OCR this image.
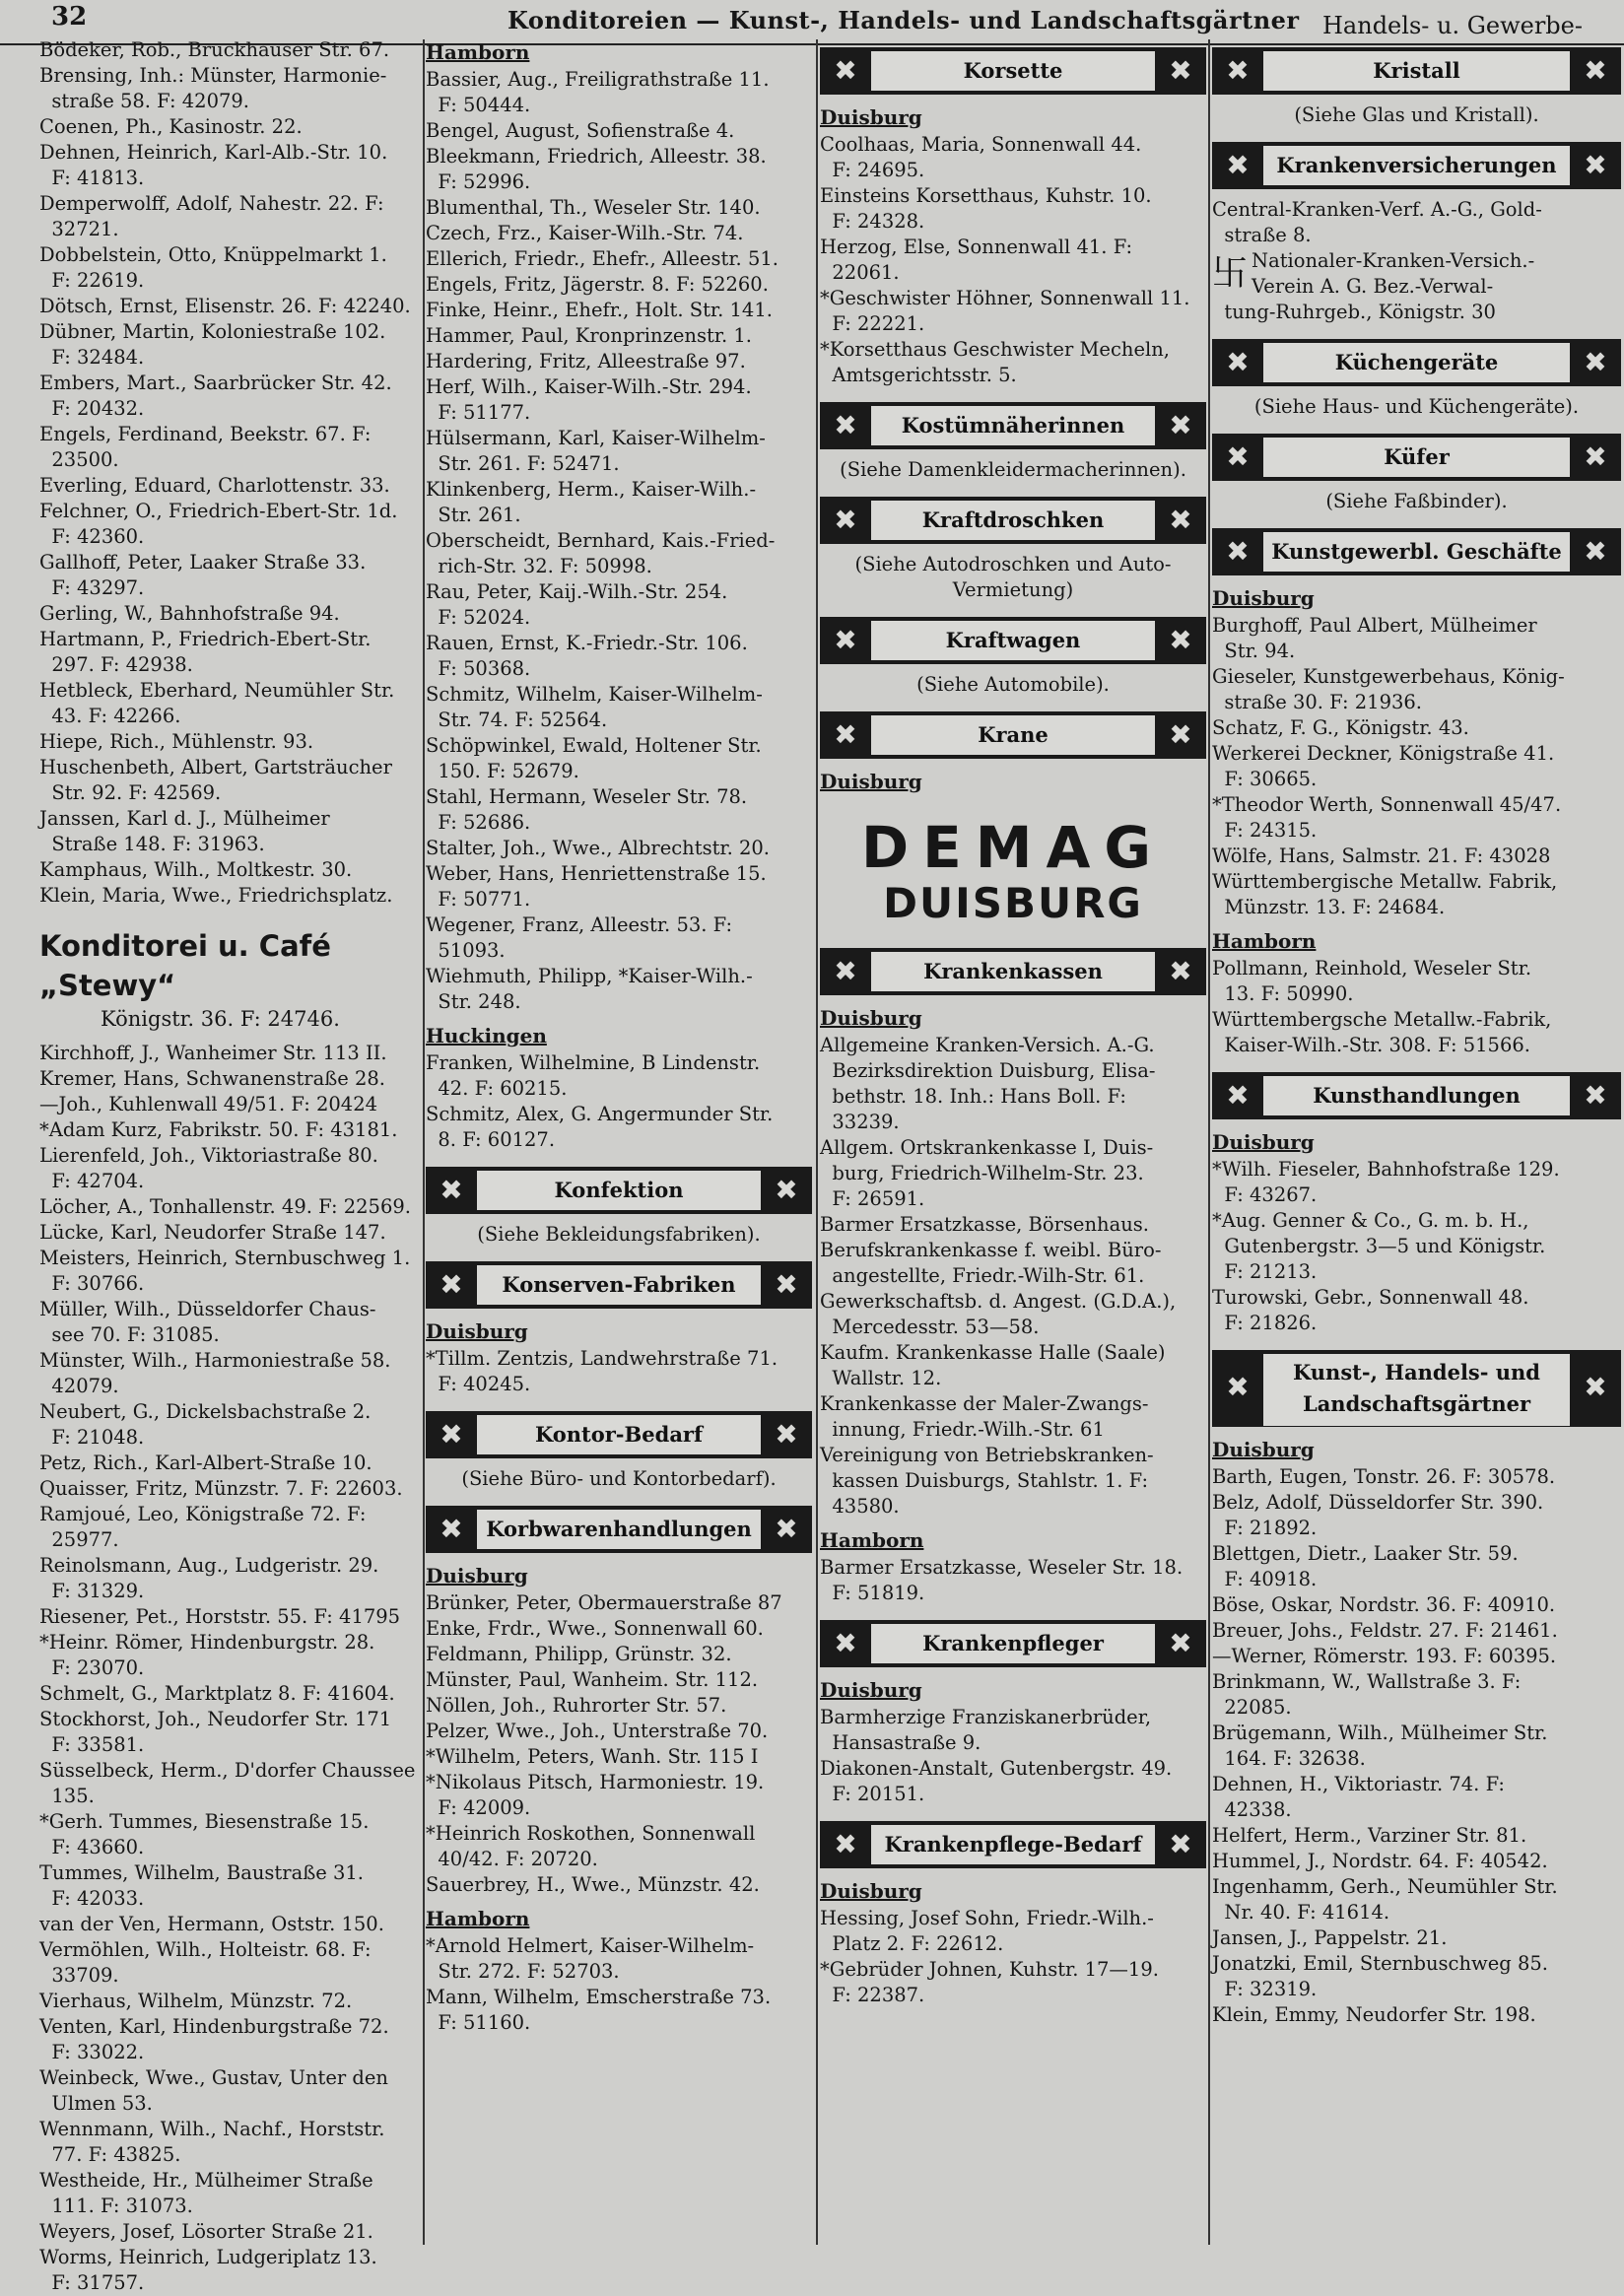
32	Konditoreien — Kunst-, Handels- und Landschaftsgärtner Handels- u. Gewerbe-
Bödeker, Rob., Bruckhauser Str. 67.
Brensing, Inh.: Münster, Harmonie-
straße 58. F: 42079.
Coenen, Ph., Kasinostr. 22.
Dehnen, Heinrich, Karl-Alb.-Str. 10.
F: 41813.
Demperwolff, Adolf, Nahestr. 22. F:
32721.
Dobbelstein, Otto, Knüppelmarkt 1.
F: 22619.
Dötsch, Ernst, Elisenstr. 26. F: 42240.
Dübner, Martin, Koloniestraße 102.
F: 32484.
Embers, Mart., Saarbrücker Str. 42.
F: 20432.
Engels, Ferdinand, Beekstr. 67. F:
23500.
Everling, Eduard, Charlottenstr. 33.
Felchner, O., Friedrich-Ebert-Str. 1d.
F: 42360.
Gallhoff, Peter, Laaker Straße 33.
F: 43297.
Gerling, W., Bahnhofstraße 94.
Hartmann, P., Friedrich-Ebert-Str.
297. F: 42938.
Hetbleck, Eberhard, Neumühler Str.
43. F: 42266.
Hiepe, Rich., Mühlenstr. 93.
Huschenbeth, Albert, Gartsträucher
Str. 92. F: 42569.
Janssen, Karl d. J., Mülheimer
Straße 148. F: 31963.
Kamphaus, Wilh., Moltkestr. 30.
Klein, Maria, Wwe., Friedrichsplatz.
Konditorei u. Café „Stewy“
Königstr. 36. F: 24746.
Kirchhoff, J., Wanheimer Str. 113 II.
Kremer, Hans, Schwanenstraße 28.
—Joh., Kuhlenwall 49/51. F: 20424
*Adam Kurz, Fabrikstr. 50. F: 43181.
Lierenfeld, Joh., Viktoriastraße 80.
F: 42704.
Löcher, A., Tonhallenstr. 49. F: 22569.
Lücke, Karl, Neudorfer Straße 147.
Meisters, Heinrich, Sternbuschweg 1.
F: 30766.
Müller, Wilh., Düsseldorfer Chaus-
see 70. F: 31085.
Münster, Wilh., Harmoniestraße 58.
42079.
Neubert, G., Dickelsbachstraße 2.
F: 21048.
Petz, Rich., Karl-Albert-Straße 10.
Quaisser, Fritz, Münzstr. 7. F: 22603.
Ramjoué, Leo, Königstraße 72. F:
25977.
Reinolsmann, Aug., Ludgeristr. 29.
F: 31329.
Riesener, Pet., Horststr. 55. F: 41795
*Heinr. Römer, Hindenburgstr. 28.
F: 23070.
Schmelt, G., Marktplatz 8. F: 41604.
Stockhorst, Joh., Neudorfer Str. 171
F: 33581.
Süsselbeck, Herm., D'dorfer Chaussee
135.
*Gerh. Tummes, Biesenstraße 15.
F: 43660.
Tummes, Wilhelm, Baustraße 31.
F: 42033.
van der Ven, Hermann, Oststr. 150.
Vermöhlen, Wilh., Holteistr. 68. F:
33709.
Vierhaus, Wilhelm, Münzstr. 72.
Venten, Karl, Hindenburgstraße 72.
F: 33022.
Weinbeck, Wwe., Gustav, Unter den
Ulmen 53.
Wennmann, Wilh., Nachf., Horststr.
77. F: 43825.
Westheide, Hr., Mülheimer Straße
111. F: 31073.
Weyers, Josef, Lösorter Straße 21.
Worms, Heinrich, Ludgeriplatz 13.
F: 31757.
Hamborn
Bassier, Aug., Freiligrathstraße 11.
F: 50444.
Bengel, August, Sofienstraße 4.
Bleekmann, Friedrich, Alleestr. 38.
F: 52996.
Blumenthal, Th., Weseler Str. 140.
Czech, Frz., Kaiser-Wilh.-Str. 74.
Ellerich, Friedr., Ehefr., Alleestr. 51.
Engels, Fritz, Jägerstr. 8. F: 52260.
Finke, Heinr., Ehefr., Holt. Str. 141.
Hammer, Paul, Kronprinzenstr. 1.
Hardering, Fritz, Alleestraße 97.
Herf, Wilh., Kaiser-Wilh.-Str. 294.
F: 51177.
Hülsermann, Karl, Kaiser-Wilhelm-
Str. 261. F: 52471.
Klinkenberg, Herm., Kaiser-Wilh.-
Str. 261.
Oberscheidt, Bernhard, Kais.-Fried-
rich-Str. 32. F: 50998.
Rau, Peter, Kaij.-Wilh.-Str. 254.
F: 52024.
Rauen, Ernst, K.-Friedr.-Str. 106.
F: 50368.
Schmitz, Wilhelm, Kaiser-Wilhelm-
Str. 74. F: 52564.
Schöpwinkel, Ewald, Holtener Str.
150. F: 52679.
Stahl, Hermann, Weseler Str. 78.
F: 52686.
Stalter, Joh., Wwe., Albrechtstr. 20.
Weber, Hans, Henriettenstraße 15.
F: 50771.
Wegener, Franz, Alleestr. 53. F:
51093.
Wiehmuth, Philipp, *Kaiser-Wilh.-
Str. 248.
Huckingen
Franken, Wilhelmine, B Lindenstr.
42. F: 60215.
Schmitz, Alex, G. Angermunder Str.
8. F: 60127.
✖	Konfektion	✖
(Siehe Bekleidungsfabriken).
✖	Konserven-Fabriken	✖
Duisburg
*Tillm. Zentzis, Landwehrstraße 71.
F: 40245.
✖	Kontor-Bedarf	✖
(Siehe Büro- und Kontorbedarf).
✖	Korbwarenhandlungen ✖
Duisburg
Brünker, Peter, Obermauerstraße 87
Enke, Frdr., Wwe., Sonnenwall 60.
Feldmann, Philipp, Grünstr. 32.
Münster, Paul, Wanheim. Str. 112.
Nöllen, Joh., Ruhrorter Str. 57.
Pelzer, Wwe., Joh., Unterstraße 70.
*Wilhelm, Peters, Wanh. Str. 115 I
*Nikolaus Pitsch, Harmoniestr. 19.
F: 42009.
*Heinrich Roskothen, Sonnenwall
40/42. F: 20720.
Sauerbrey, H., Wwe., Münzstr. 42.
Hamborn
*Arnold Helmert, Kaiser-Wilhelm-
Str. 272. F: 52703.
Mann, Wilhelm, Emscherstraße 73.
F: 51160.
✖	Korsette	✖
Duisburg
Coolhaas, Maria, Sonnenwall 44.
F: 24695.
Einsteins Korsetthaus, Kuhstr. 10.
F: 24328.
Herzog, Else, Sonnenwall 41. F:
22061.
*Geschwister Höhner, Sonnenwall 11.
F: 22221.
*Korsetthaus Geschwister Mecheln,
Amtsgerichtsstr. 5.
✖	Kostümnäherinnen	✖
(Siehe Damenkleidermacherinnen).
✖	Kraftdroschken	✖
(Siehe Autodroschken und Auto-
Vermietung)
✖	Kraftwagen	✖
(Siehe Automobile).
✖	Krane	✖
Duisburg
DEMAG
DUISBURG
✖	Krankenkassen	✖
Duisburg
Allgemeine Kranken-Versich. A.-G.
Bezirksdirektion Duisburg, Elisa-
bethstr. 18. Inh.: Hans Boll. F:
33239.
Allgem. Ortskrankenkasse I, Duis-
burg, Friedrich-Wilhelm-Str. 23.
F: 26591.
Barmer Ersatzkasse, Börsenhaus.
Berufskrankenkasse f. weibl. Büro-
angestellte, Friedr.-Wilh-Str. 61.
Gewerkschaftsb. d. Angest. (G.D.A.),
Mercedesstr. 53—58.
Kaufm. Krankenkasse Halle (Saale)
Wallstr. 12.
Krankenkasse der Maler-Zwangs-
innung, Friedr.-Wilh.-Str. 61
Vereinigung von Betriebskranken-
kassen Duisburgs, Stahlstr. 1. F:
43580.
Hamborn
Barmer Ersatzkasse, Weseler Str. 18.
F: 51819.
✖	Krankenpfleger	✖
Duisburg
Barmherzige Franziskanerbrüder,
Hansastraße 9.
Diakonen-Anstalt, Gutenbergstr. 49.
F: 20151.
✖	Krankenpflege-Bedarf ✖
Duisburg
Hessing, Josef Sohn, Friedr.-Wilh.-
Platz 2. F: 22612.
*Gebrüder Johnen, Kuhstr. 17—19.
F: 22387.
✖	Kristall	✖
(Siehe Glas und Kristall).
✖	Krankenversicherungen ✖
Central-Kranken-Verf. A.-G., Gold-
straße 8.
卐 Nationaler-Kranken-Versich.-
Verein A. G. Bez.-Verwal-
tung-Ruhrgeb., Königstr. 30
✖	Küchengeräte	✖
(Siehe Haus- und Küchengeräte).
✖	Küfer	✖
(Siehe Faßbinder).
✖	Kunstgewerbl. Geschäfte ✖
Duisburg
Burghoff, Paul Albert, Mülheimer
Str. 94.
Gieseler, Kunstgewerbehaus, König-
straße 30. F: 21936.
Schatz, F. G., Königstr. 43.
Werkerei Deckner, Königstraße 41.
F: 30665.
*Theodor Werth, Sonnenwall 45/47.
F: 24315.
Wölfe, Hans, Salmstr. 21. F: 43028
Württembergische Metallw. Fabrik,
Münzstr. 13. F: 24684.
Hamborn
Pollmann, Reinhold, Weseler Str.
13. F: 50990.
Württembergsche Metallw.-Fabrik,
Kaiser-Wilh.-Str. 308. F: 51566.
✖	Kunsthandlungen	✖
Duisburg
*Wilh. Fieseler, Bahnhofstraße 129.
F: 43267.
*Aug. Genner & Co., G. m. b. H.,
Gutenbergstr. 3—5 und Königstr.
F: 21213.
Turowski, Gebr., Sonnenwall 48.
F: 21826.
✖	Kunst-, Handels- und
Landschaftsgärtner
✖
Duisburg
Barth, Eugen, Tonstr. 26. F: 30578.
Belz, Adolf, Düsseldorfer Str. 390.
F: 21892.
Blettgen, Dietr., Laaker Str. 59.
F: 40918.
Böse, Oskar, Nordstr. 36. F: 40910.
Breuer, Johs., Feldstr. 27. F: 21461.
—Werner, Römerstr. 193. F: 60395.
Brinkmann, W., Wallstraße 3. F:
22085.
Brügemann, Wilh., Mülheimer Str.
164. F: 32638.
Dehnen, H., Viktoriastr. 74. F:
42338.
Helfert, Herm., Varziner Str. 81.
Hummel, J., Nordstr. 64. F: 40542.
Ingenhamm, Gerh., Neumühler Str.
Nr. 40. F: 41614.
Jansen, J., Pappelstr. 21.
Jonatzki, Emil, Sternbuschweg 85.
F: 32319.
Klein, Emmy, Neudorfer Str. 198.
